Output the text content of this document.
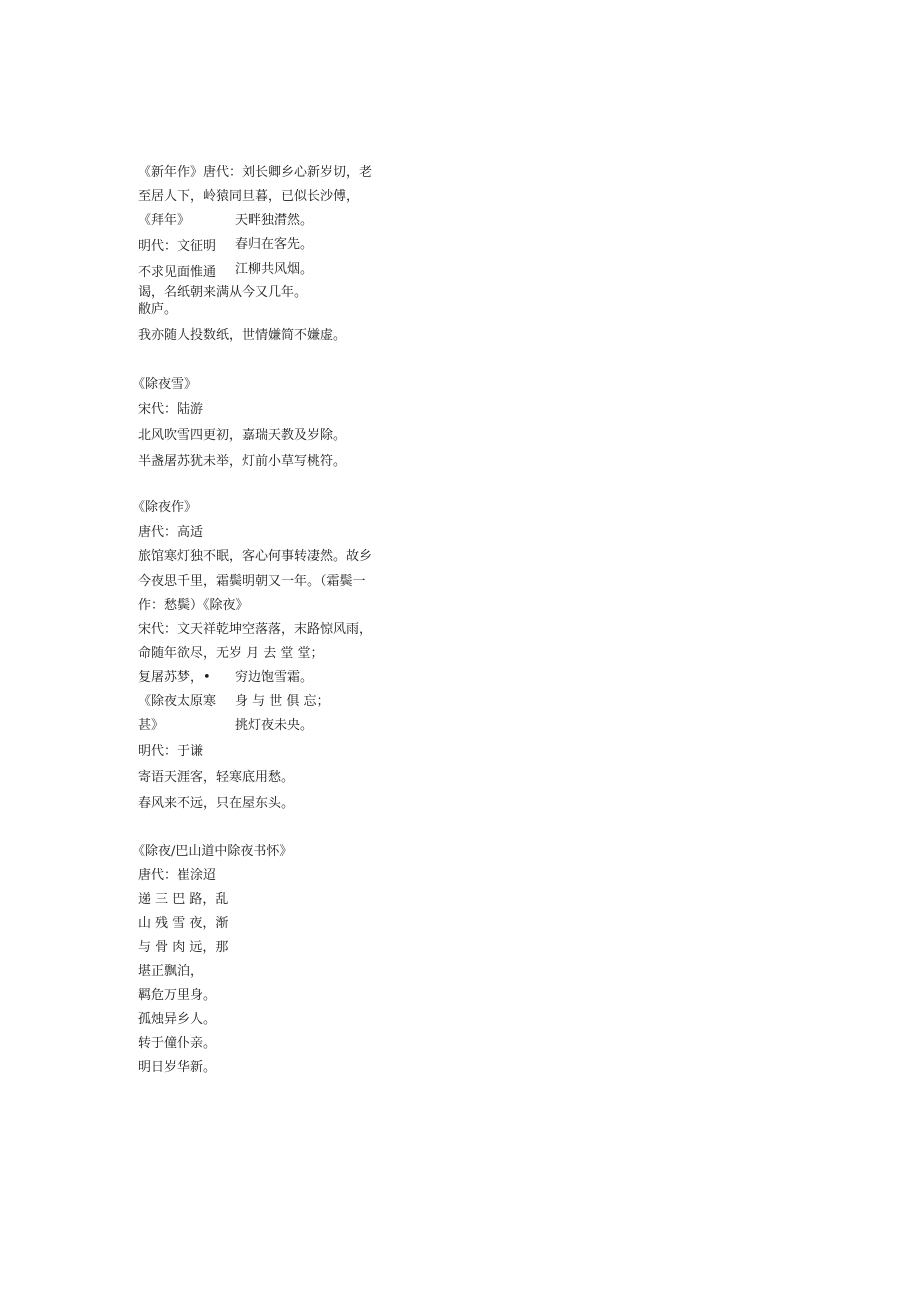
《新年作》唐代：刘长卿乡心新岁切，老
至居人下，岭猿同旦暮，已似长沙傅，
天畔独潸然。
春归在客先。
江柳共风烟。
《拜年》
明代：文征明
不求见面惟通
谒，名纸朝来满从今又几年。
敝庐。
我亦随人投数纸，世情嫌简不嫌虚。
《除夜雪》
宋代：陆游
北风吹雪四更初，嘉瑞天教及岁除。
半盏屠苏犹未举，灯前小草写桃符。
《除夜作》
唐代：高适
旅馆寒灯独不眠，客心何事转凄然。故乡
今夜思千里，霜鬓明朝又一年。（霜鬓一
作：愁鬓）《除夜》
宋代：文天祥乾坤空落落，末路惊风雨，
命随年欲尽，无岁 月 去 堂 堂；
复屠苏梦，• 穷边饱雪霜。
身 与 世 俱 忘；
挑灯夜未央。
《除夜太原寒
甚》
明代：于谦
寄语天涯客，轻寒底用愁。
春风来不远，只在屋东头。
《除夜/巴山道中除夜书怀》
唐代：崔涂迢
递 三 巴 路，乱
山 残 雪 夜，渐
与 骨 肉 远，那
堪正飘泊，
羁危万里身。
孤烛异乡人。
转于僮仆亲。
明日岁华新。
